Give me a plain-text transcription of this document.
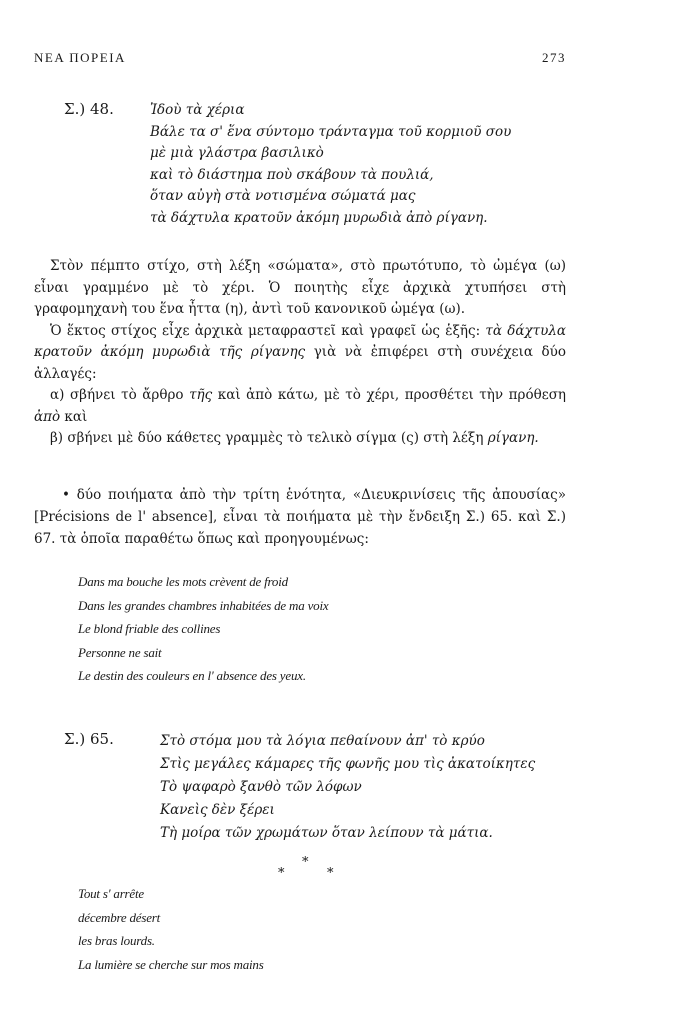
ΝΕΑ ΠΟΡΕΙΑ	273
Σ.) 48.	Ἰδοὺ τὰ χέρια
Βάλε τα σ' ἕνα σύντομο τράνταγμα τοῦ κορμιοῦ σου
μὲ μιὰ γλάστρα βασιλικὸ
καὶ τὸ διάστημα ποὺ σκάβουν τὰ πουλιά,
ὅταν αὐγὴ στὰ νοτισμένα σώματά μας
τὰ δάχτυλα κρατοῦν ἀκόμη μυρωδιὰ ἀπὸ ρίγανη.

Στὸν πέμπτο στίχο, στὴ λέξη «σώματα», στὸ πρωτότυπο, τὸ ὠμέγα (ω) εἶναι γραμμένο μὲ τὸ χέρι. Ὁ ποιητὴς εἶχε ἀρχικὰ χτυπήσει στὴ γραφομηχανὴ του ἕνα ἦττα (η), ἀντὶ τοῦ κανονικοῦ ὠμέγα (ω).

Ὁ ἕκτος στίχος εἶχε ἀρχικὰ μεταφραστεῖ καὶ γραφεῖ ὡς ἑξῆς: τὰ δάχτυλα κρατοῦν ἀκόμη μυρωδιὰ τῆς ρίγανης γιὰ νὰ ἐπιφέρει στὴ συνέχεια δύο ἀλλαγές:

α) σβήνει τὸ ἄρθρο τῆς καὶ ἀπὸ κάτω, μὲ τὸ χέρι, προσθέτει τὴν πρόθεση ἀπὸ καὶ

β) σβήνει μὲ δύο κάθετες γραμμὲς τὸ τελικὸ σίγμα (ς) στὴ λέξη ρίγανη.

• δύο ποιήματα ἀπὸ τὴν τρίτη ἑνότητα, «Διευκρινίσεις τῆς ἀπουσίας» [Précisions de l' absence], εἶναι τὰ ποιήματα μὲ τὴν ἔνδειξη Σ.) 65. καὶ Σ.) 67. τὰ ὁποῖα παραθέτω ὅπως καὶ προηγουμένως:

Dans ma bouche les mots crèvent de froid
Dans les grandes chambres inhabitées de ma voix
Le blond friable des collines
Personne ne sait
Le destin des couleurs en l' absence des yeux.
Σ.) 65.	Στὸ στόμα μου τὰ λόγια πεθαίνουν ἀπ' τὸ κρύο
Στὶς μεγάλες κάμαρες τῆς φωνῆς μου τὶς ἀκατοίκητες
Τὸ ψαφαρὸ ξανθὸ τῶν λόφων
Κανεὶς δὲν ξέρει
Τὴ μοίρα τῶν χρωμάτων ὅταν λείπουν τὰ μάτια.
*
*	*
Tout s' arrête
décembre désert
les bras lourds.
La lumière se cherche sur mos mains
